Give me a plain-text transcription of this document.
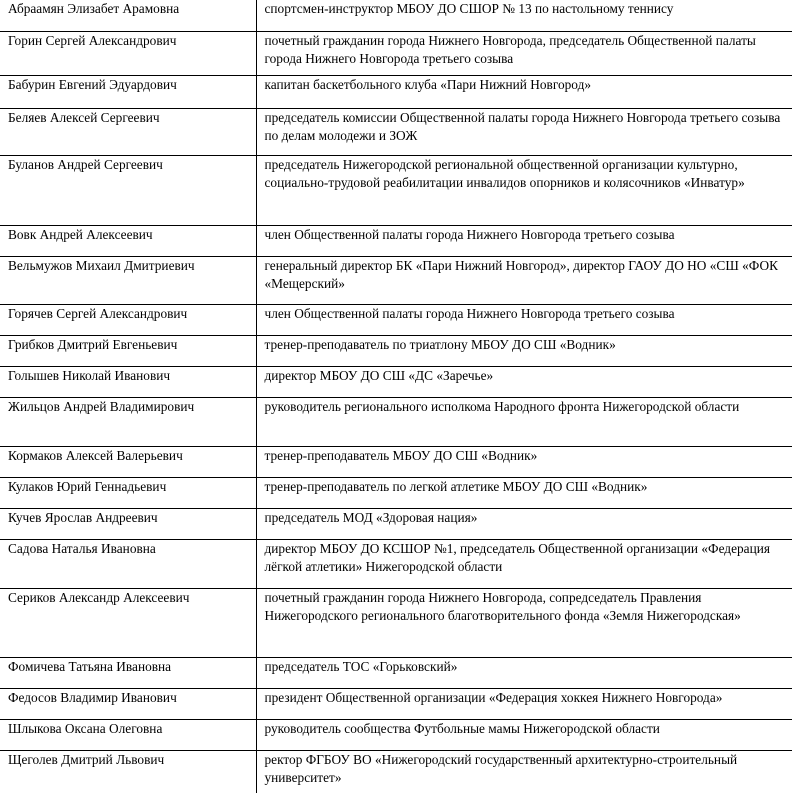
Абраамян Элизабет Арамовна	спортсмен-инструктор МБОУ ДО СШОР № 13 по настольному теннису
Горин Сергей Александрович	почетный гражданин города Нижнего Новгорода, председатель Общественной палаты города Нижнего Новгорода третьего созыва
Бабурин Евгений Эдуардович	капитан баскетбольного клуба «Пари Нижний Новгород»
Беляев Алексей Сергеевич	председатель комиссии Общественной палаты города Нижнего Новгорода третьего созыва по делам молодежи и ЗОЖ
Буланов Андрей Сергеевич	председатель Нижегородской региональной общественной организации культурно, социально-трудовой реабилитации инвалидов опорников и колясочников «Инватур»
Вовк Андрей Алексеевич	член Общественной палаты города Нижнего Новгорода третьего созыва
Вельмужов Михаил Дмитриевич	генеральный директор БК «Пари Нижний Новгород», директор ГАОУ ДО НО «СШ «ФОК «Мещерский»
Горячев Сергей Александрович	член Общественной палаты города Нижнего Новгорода третьего созыва
Грибков Дмитрий Евгеньевич	тренер-преподаватель по триатлону МБОУ ДО СШ «Водник»
Голышев Николай Иванович	директор МБОУ ДО СШ «ДС «Заречье»
Жильцов Андрей Владимирович	руководитель регионального исполкома Народного фронта Нижегородской области
Кормаков Алексей Валерьевич	тренер-преподаватель МБОУ ДО СШ «Водник»
Кулаков Юрий Геннадьевич	тренер-преподаватель по легкой атлетике МБОУ ДО СШ «Водник»
Кучев Ярослав Андреевич	председатель МОД «Здоровая нация»
Садова Наталья Ивановна	директор МБОУ ДО КСШОР №1, председатель Общественной организации «Федерация лёгкой атлетики» Нижегородской области
Сериков Александр Алексеевич	почетный гражданин города Нижнего Новгорода, сопредседатель Правления Нижегородского регионального благотворительного фонда «Земля Нижегородская»
Фомичева Татьяна Ивановна	председатель ТОС «Горьковский»
Федосов Владимир Иванович	президент Общественной организации «Федерация хоккея Нижнего Новгорода»
Шлыкова Оксана Олеговна	руководитель сообщества Футбольные мамы Нижегородской области
Щеголев Дмитрий Львович	ректор ФГБОУ ВО «Нижегородский государственный архитектурно-строительный университет»
